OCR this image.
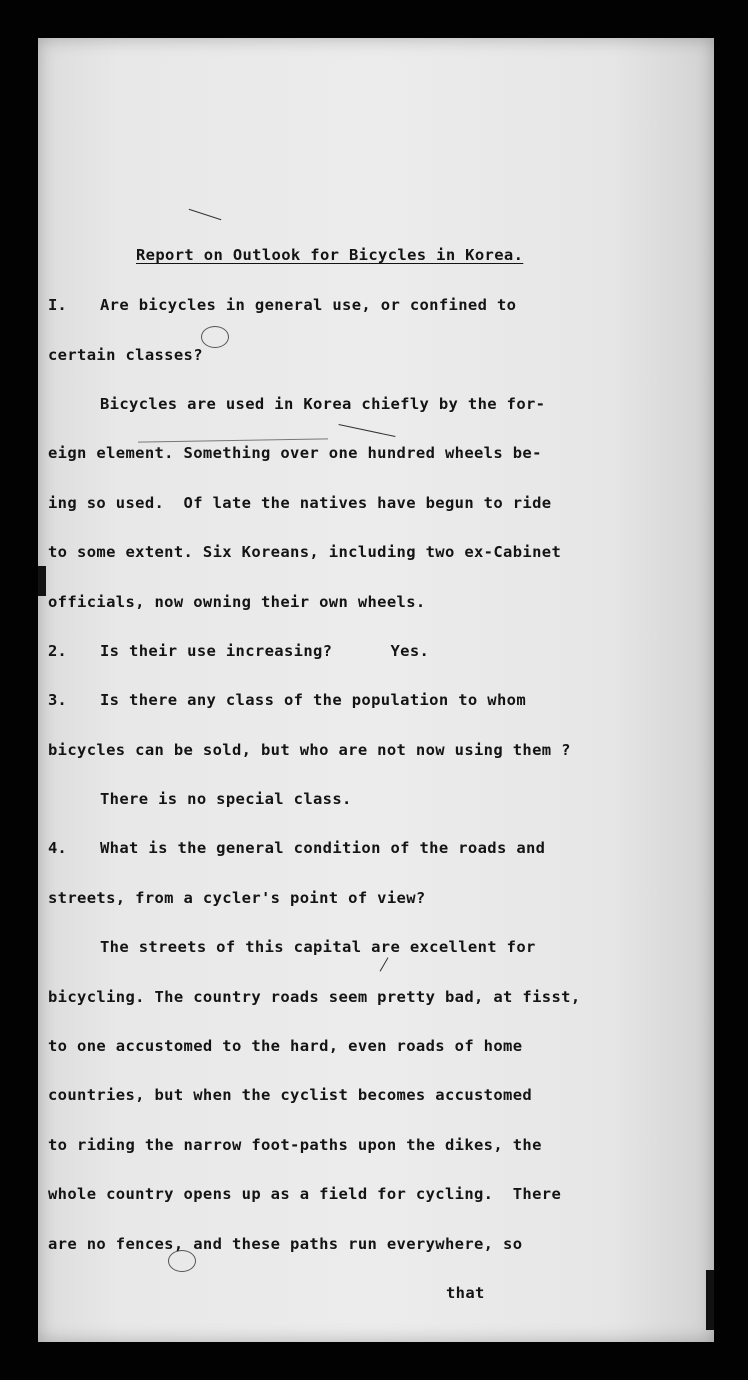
Report on Outlook for Bicycles in Korea.
I. Are bicycles in general use, or confined to
certain classes?
Bicycles are used in Korea chiefly by the for-
eign element. Something over one hundred wheels be-
ing so used.  Of late the natives have begun to ride
to some extent. Six Koreans, including two ex-Cabinet
officials, now owning their own wheels.
2. Is their use increasing?      Yes.
3. Is there any class of the population to whom
bicycles can be sold, but who are not now using them ?
There is no special class.
4. What is the general condition of the roads and
streets, from a cycler's point of view?
The streets of this capital are excellent for
bicycling. The country roads seem pretty bad, at fisst,
to one accustomed to the hard, even roads of home
countries, but when the cyclist becomes accustomed
to riding the narrow foot-paths upon the dikes, the
whole country opens up as a field for cycling.  There
are no fences, and these paths run everywhere, so
that
